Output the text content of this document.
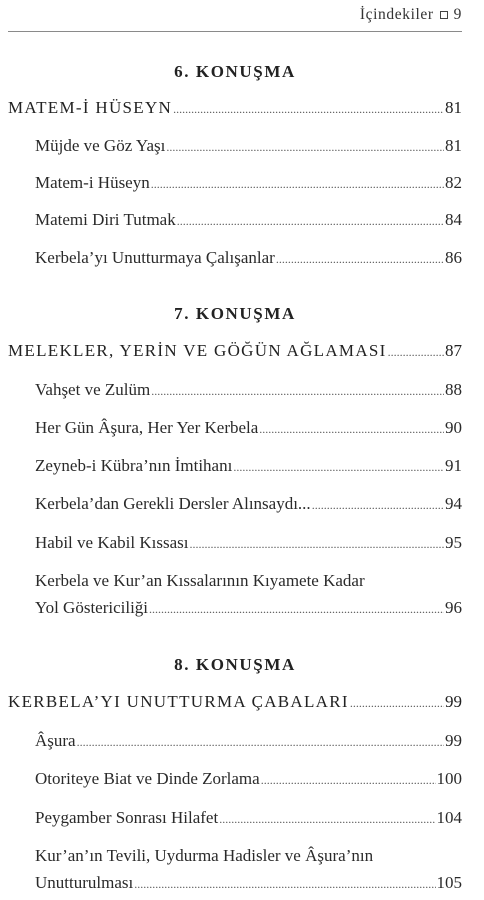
İçindekiler 9
6. KONUŞMA
MATEM-İ HÜSEYN .....	81
Müjde ve Göz Yaşı .....	81
Matem-i Hüseyn .....	82
Matemi Diri Tutmak .....	84
Kerbela’yı Unutturmaya Çalışanlar .....	86
7. KONUŞMA
MELEKLER, YERİN VE GÖĞÜN AĞLAMASI .....	87
Vahşet ve Zulüm .....	88
Her Gün Âşura, Her Yer Kerbela .....	90
Zeyneb-i Kübra’nın İmtihanı .....	91
Kerbela’dan Gerekli Dersler Alınsaydı... .....	94
Habil ve Kabil Kıssası .....	95
Kerbela ve Kur’an Kıssalarının Kıyamete Kadar
Yol Göstericiliği .....	96
8. KONUŞMA
KERBELA’YI UNUTTURMA ÇABALARI .....	99
Âşura .....	99
Otoriteye Biat ve Dinde Zorlama .....	100
Peygamber Sonrası Hilafet .....	104
Kur’an’ın Tevili, Uydurma Hadisler ve Âşura’nın
Unutturulması .....	105
